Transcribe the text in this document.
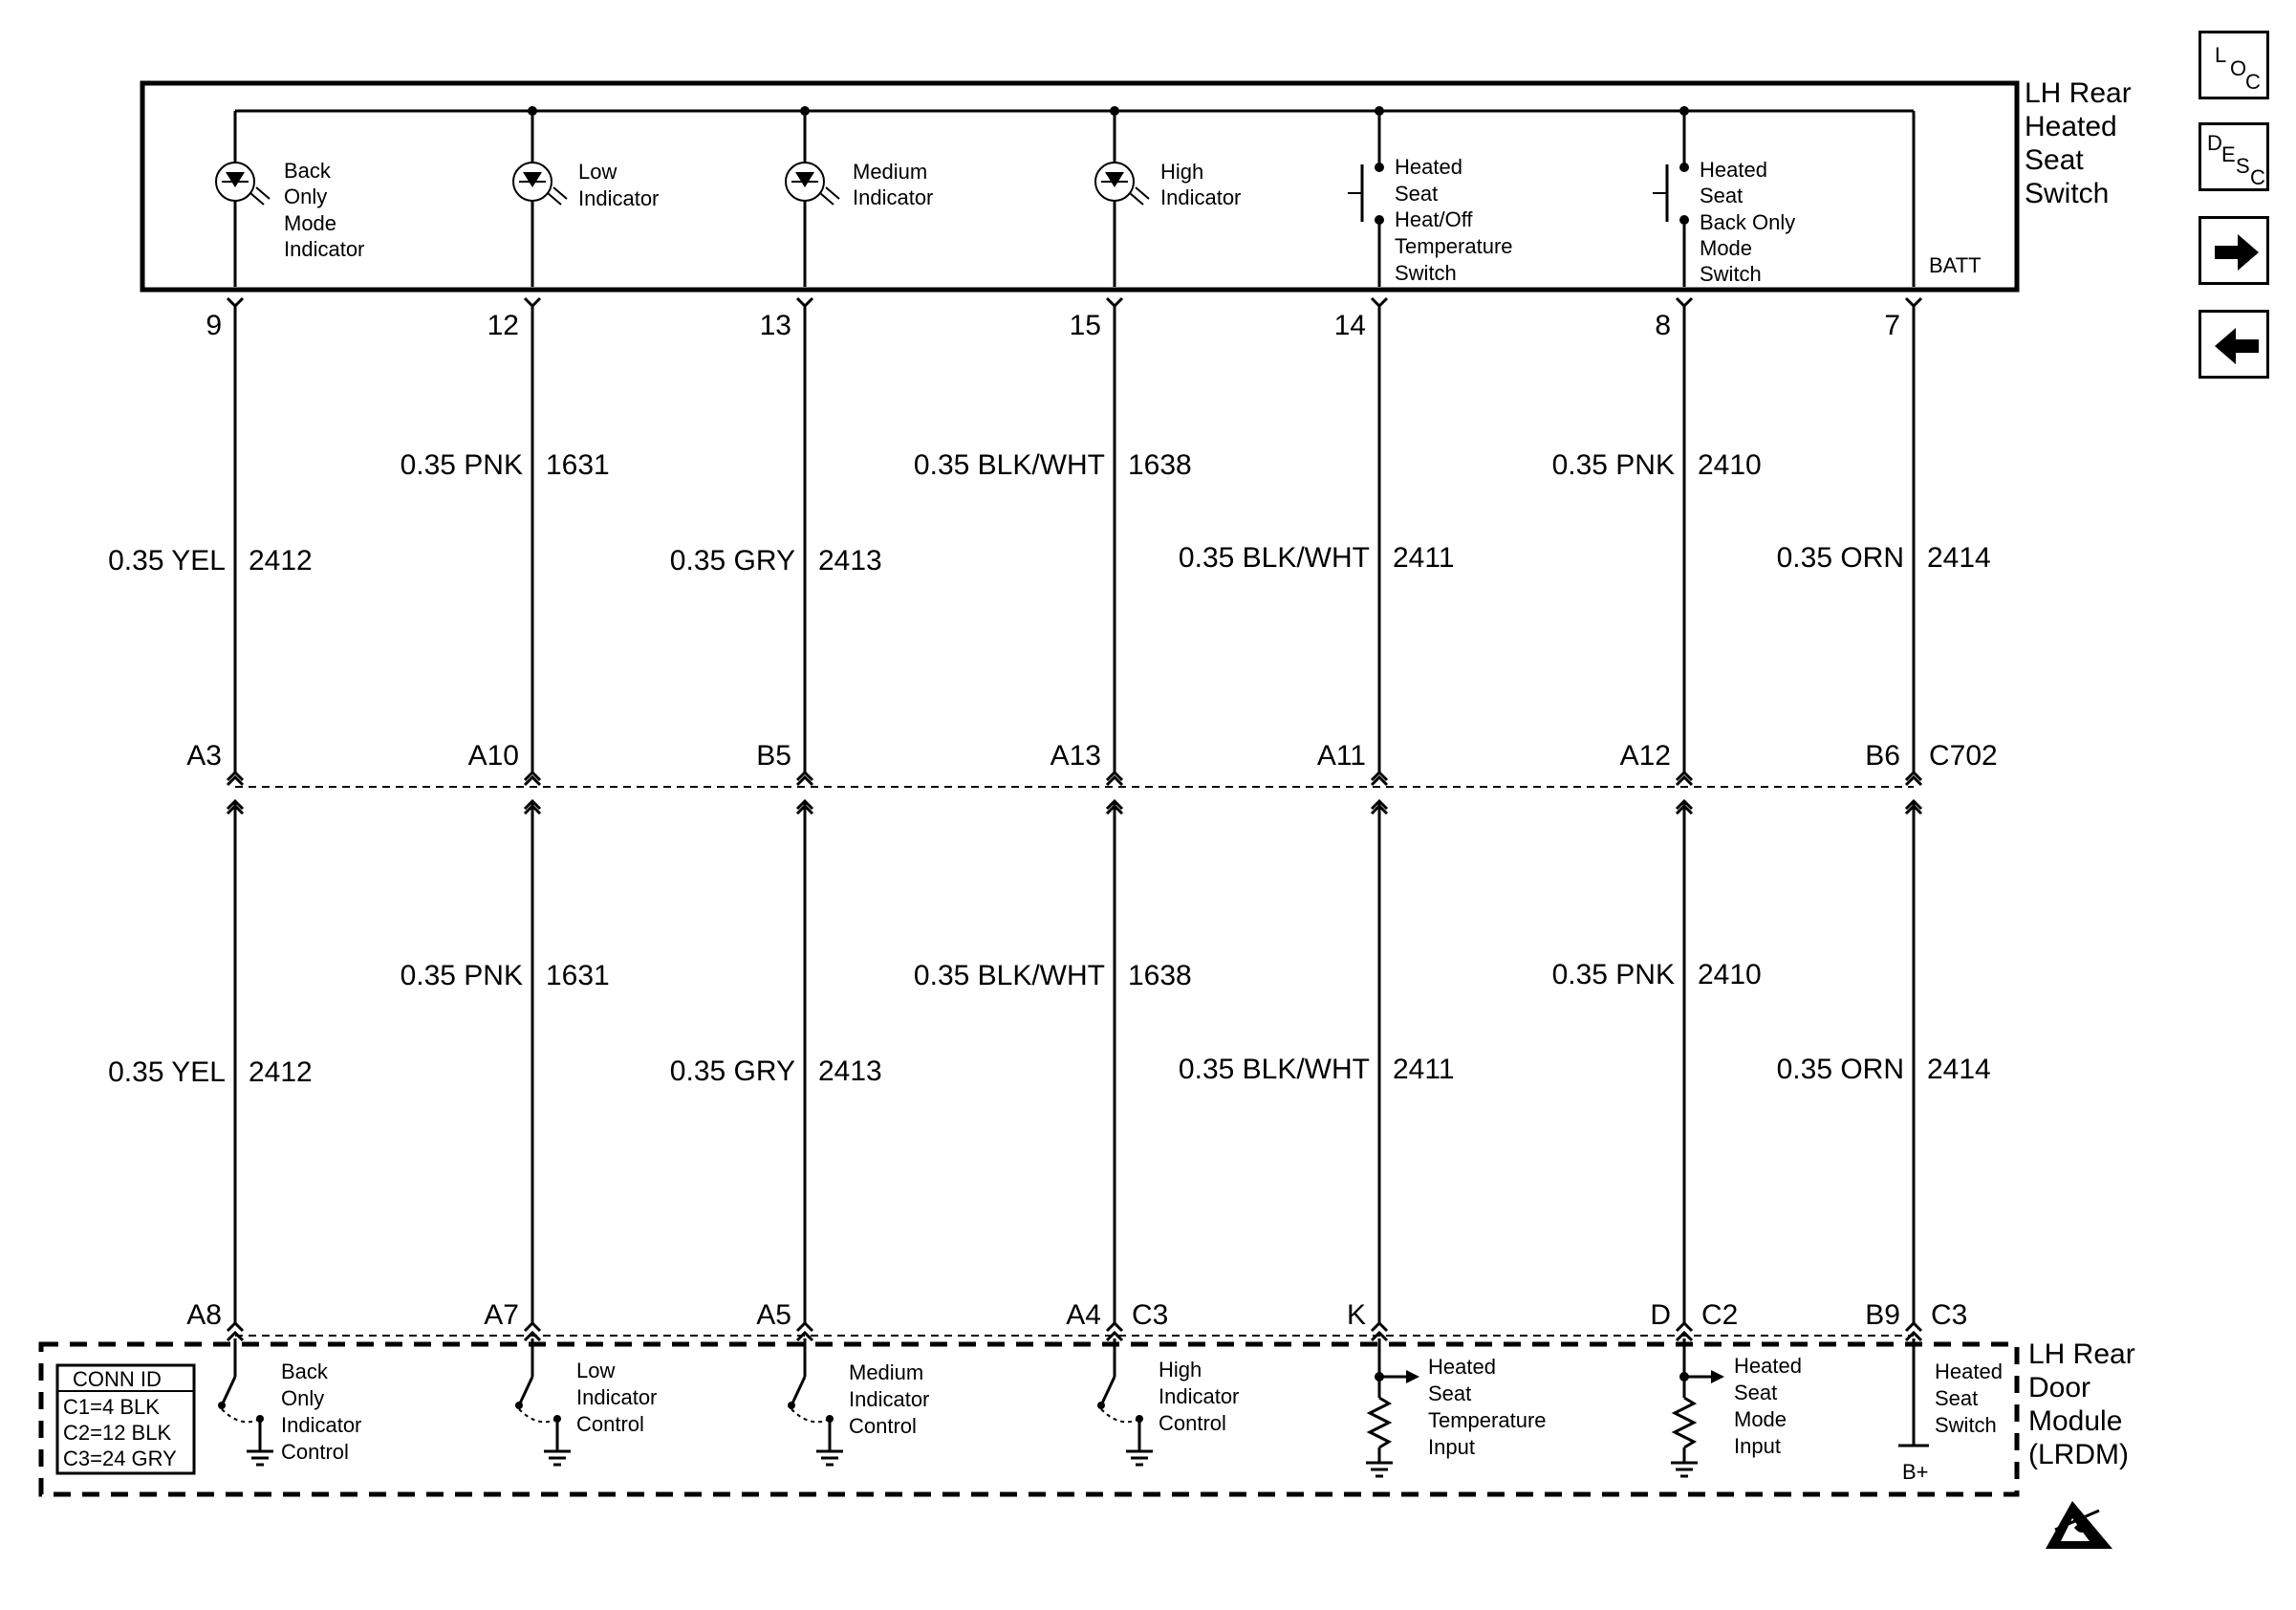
LH Rear Heated Seat Switch
BATT
Back Only Mode Indicator
Low Indicator
Medium Indicator
High Indicator
Heated Seat Heat/Off Temperature Switch
Heated Seat Back Only Mode Switch
9
0.35 YEL 2412
0.35 YEL 2412
A3
A8
12
0.35 PNK 1631
0.35 PNK 1631
A10
A7
13
0.35 GRY 2413
0.35 GRY 2413
B5
A5
15
0.35 BLK/WHT 1638
0.35 BLK/WHT 1638
A13
A4 C3
14
0.35 BLK/WHT 2411
0.35 BLK/WHT 2411
A11
K
8
0.35 PNK 2410
0.35 PNK 2410
A12
D C2
7
0.35 ORN 2414
0.35 ORN 2414
B6
B9 C3
C702
LH Rear Door Module (LRDM)
CONN ID
C1=4 BLK
C2=12 BLK
C3=24 GRY
Back Only Indicator Control
Low Indicator Control
Medium Indicator Control
High Indicator Control
Heated Seat Temperature Input
Heated Seat Mode Input
Heated Seat Switch
B+
L
O
C
D E S C
